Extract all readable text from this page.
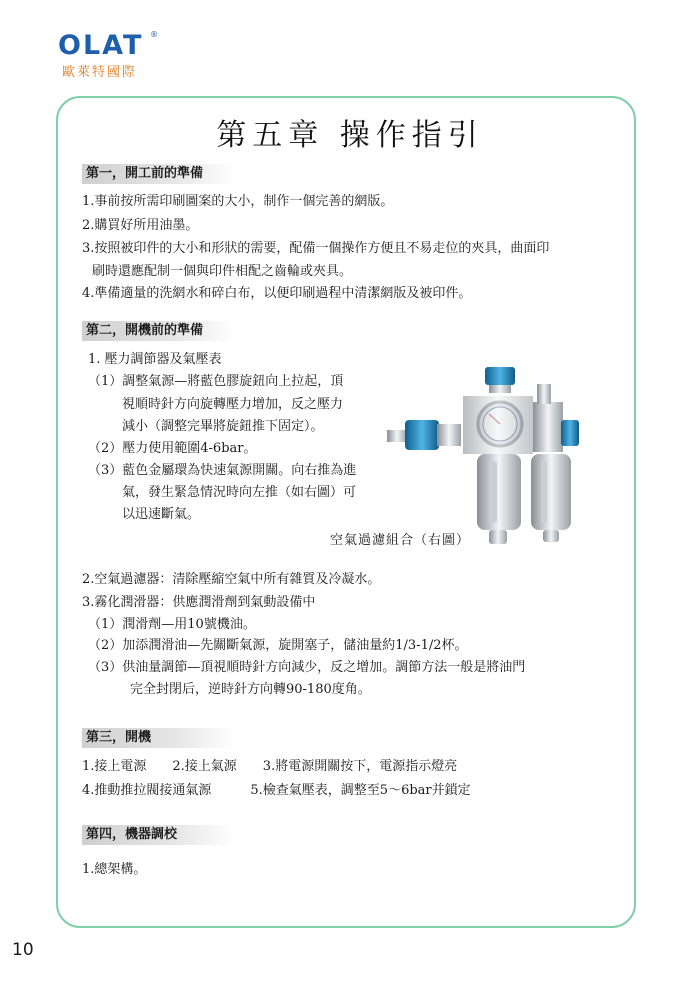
OLAT ®
歐萊特國際
第五章 操作指引
第一，開工前的準備
1.事前按所需印刷圖案的大小，制作一個完善的網版。
2.購買好所用油墨。
3.按照被印件的大小和形狀的需要，配備一個操作方便且不易走位的夾具，曲面印
刷時還應配制一個與印件相配之齒輪或夾具。
4.準備適量的洗網水和碎白布，以便印刷過程中清潔網版及被印件。
第二，開機前的準備
1. 壓力調節器及氣壓表
（1）調整氣源—將藍色膠旋鈕向上拉起，頂
視順時針方向旋轉壓力增加，反之壓力
減小（調整完畢將旋鈕推下固定）。
（2）壓力使用範圍4-6bar。
（3）藍色金屬環為快速氣源開關。向右推為進
氣，發生緊急情況時向左推（如右圖）可
以迅速斷氣。
空氣過濾組合（右圖）
2.空氣過濾器：清除壓縮空氣中所有雜質及冷凝水。
3.霧化潤滑器：供應潤滑劑到氣動設備中
（1）潤滑劑—用10號機油。
（2）加添潤滑油—先關斷氣源，旋開塞子，儲油量約1/3-1/2杯。
（3）供油量調節—頂視順時針方向減少，反之增加。調節方法一般是將油門
完全封閉后，逆時針方向轉90-180度角。
第三，開機
1.接上電源　　2.接上氣源　　3.將電源開關按下，電源指示燈亮
4.推動推拉閥接通氣源　　　5.檢查氣壓表，調整至5～6bar并鎖定
第四，機器調校
1.總架構。
10
